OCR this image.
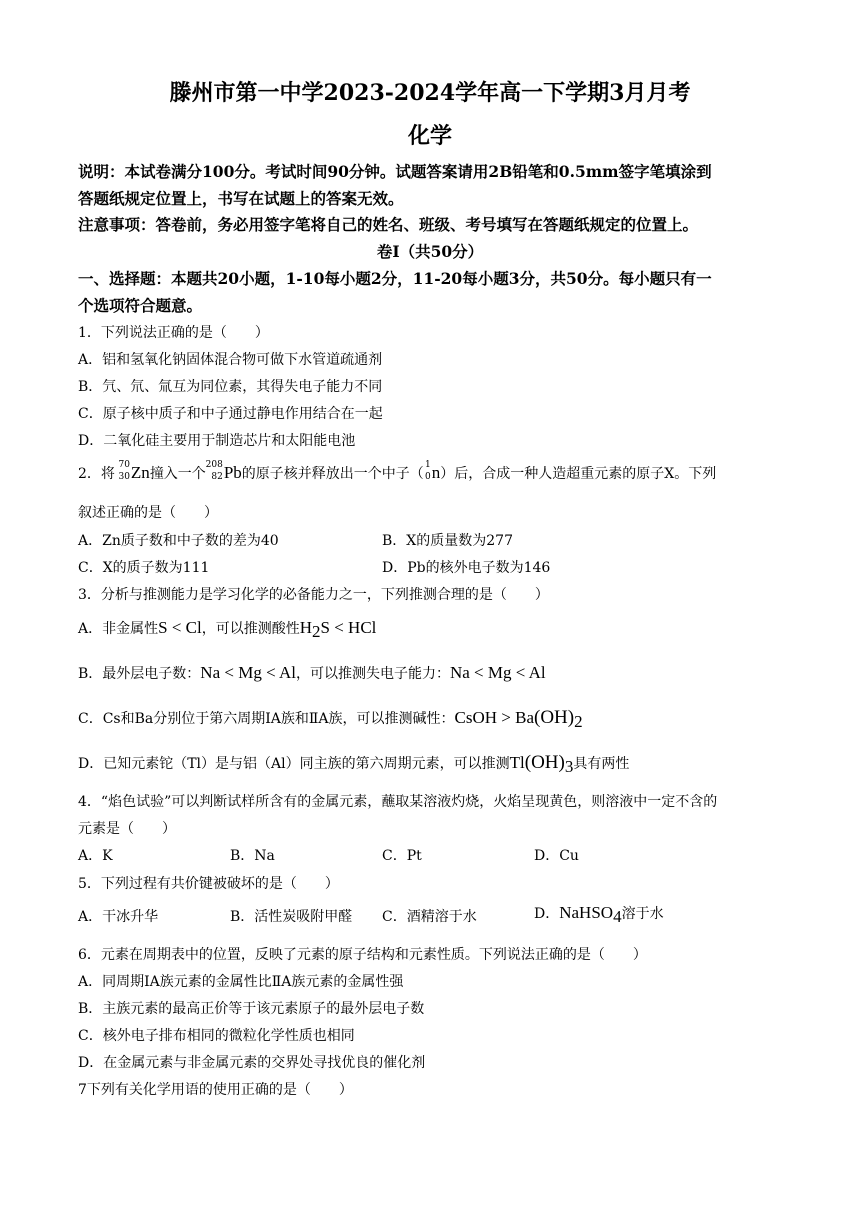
滕州市第一中学2023-2024学年高一下学期3月月考
化学
说明：本试卷满分100分。考试时间90分钟。试题答案请用2B铅笔和0.5mm签字笔填涂到
答题纸规定位置上，书写在试题上的答案无效。
注意事项：答卷前，务必用签字笔将自己的姓名、班级、考号填写在答题纸规定的位置上。
卷Ⅰ（共50分）
一、选择题：本题共20小题，1-10每小题2分，11-20每小题3分，共50分。每小题只有一
个选项符合题意。
1．下列说法正确的是（　　）
A．铝和氢氧化钠固体混合物可做下水管道疏通剂
B．氕、氘、氚互为同位素，其得失电子能力不同
C．原子核中质子和中子通过静电作用结合在一起
D．二氧化硅主要用于制造芯片和太阳能电池
2．将
70
30 Zn撞入一个
208
82 Pb的原子核并释放出一个中子（
1
0 n）后，合成一种人造超重元素的原子X。下列
叙述正确的是（　　）
A．Zn质子数和中子数的差为40	B．X的质量数为277
C．X的质子数为111	D．Pb的核外电子数为146
3．分析与推测能力是学习化学的必备能力之一，下列推测合理的是（　　）
A．非金属性S < Cl，可以推测酸性$H_2S$ < HCl
B．最外层电子数：Na < Mg < Al，可以推测失电子能力：Na < Mg < Al
C．Cs和Ba分别位于第六周期ⅠA族和ⅡA族，可以推测碱性：CsOH > $Ba(OH)_2$
D．已知元素铊（Tl）是与铝（Al）同主族的第六周期元素，可以推测$Tl(OH)_3$具有两性
4．“焰色试验”可以判断试样所含有的金属元素，蘸取某溶液灼烧，火焰呈现黄色，则溶液中一定不含的
元素是（　　）
A．K	B．Na	C．Pt	D．Cu
5．下列过程有共价键被破坏的是（　　）
A．干冰升华	B．活性炭吸附甲醛 C．酒精溶于水	D．NaHSO$_4$溶于水
6．元素在周期表中的位置，反映了元素的原子结构和元素性质。下列说法正确的是（　　）
A．同周期ⅠA族元素的金属性比ⅡA族元素的金属性强
B．主族元素的最高正价等于该元素原子的最外层电子数
C．核外电子排布相同的微粒化学性质也相同
D．在金属元素与非金属元素的交界处寻找优良的催化剂
7下列有关化学用语的使用正确的是（　　）
